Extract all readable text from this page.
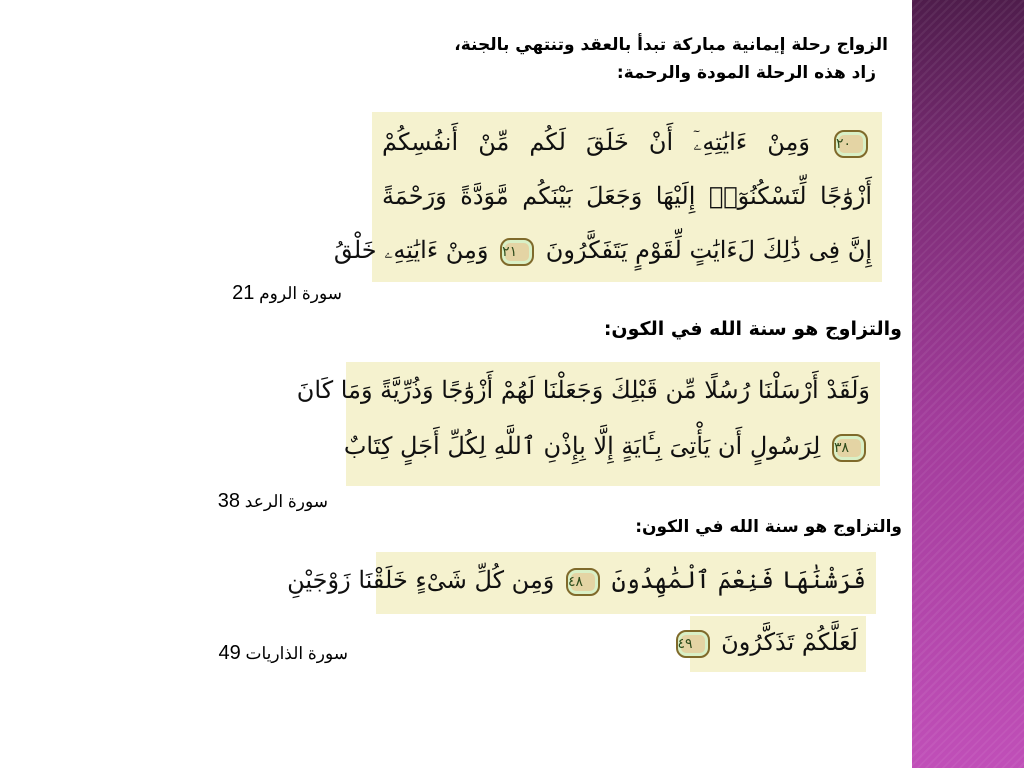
الزواج رحلة إيمانية مباركة تبدأ بالعقد وتنتهي بالجنة،
زاد هذه الرحلة المودة والرحمة:
٢٠ وَمِنْ ءَايَٰتِهِۦٓ أَنْ خَلَقَ لَكُم مِّنْ أَنفُسِكُمْ
أَزْوَٰجًا لِّتَسْكُنُوٓا۟ إِلَيْهَا وَجَعَلَ بَيْنَكُم مَّوَدَّةً وَرَحْمَةً
إِنَّ فِى ذَٰلِكَ لَءَايَٰتٍ لِّقَوْمٍ يَتَفَكَّرُونَ ٢١ وَمِنْ ءَايَٰتِهِۦ خَلْقُ
سورة الروم 21
والتزاوج هو سنة الله في الكون:
وَلَقَدْ أَرْسَلْنَا رُسُلًا مِّن قَبْلِكَ وَجَعَلْنَا لَهُمْ أَزْوَٰجًا وَذُرِّيَّةً وَمَا كَانَ
٣٨ لِرَسُولٍ أَن يَأْتِىَ بِـَٔايَةٍ إِلَّا بِإِذْنِ ٱللَّهِ لِكُلِّ أَجَلٍ كِتَابٌ
سورة الرعد 38
والتزاوج هو سنة الله في الكون:
فَرَشْنَٰهَا فَنِعْمَ ٱلْمَٰهِدُونَ ٤٨ وَمِن كُلِّ شَىْءٍ خَلَقْنَا زَوْجَيْنِ
لَعَلَّكُمْ تَذَكَّرُونَ ٤٩
سورة الذاريات 49
